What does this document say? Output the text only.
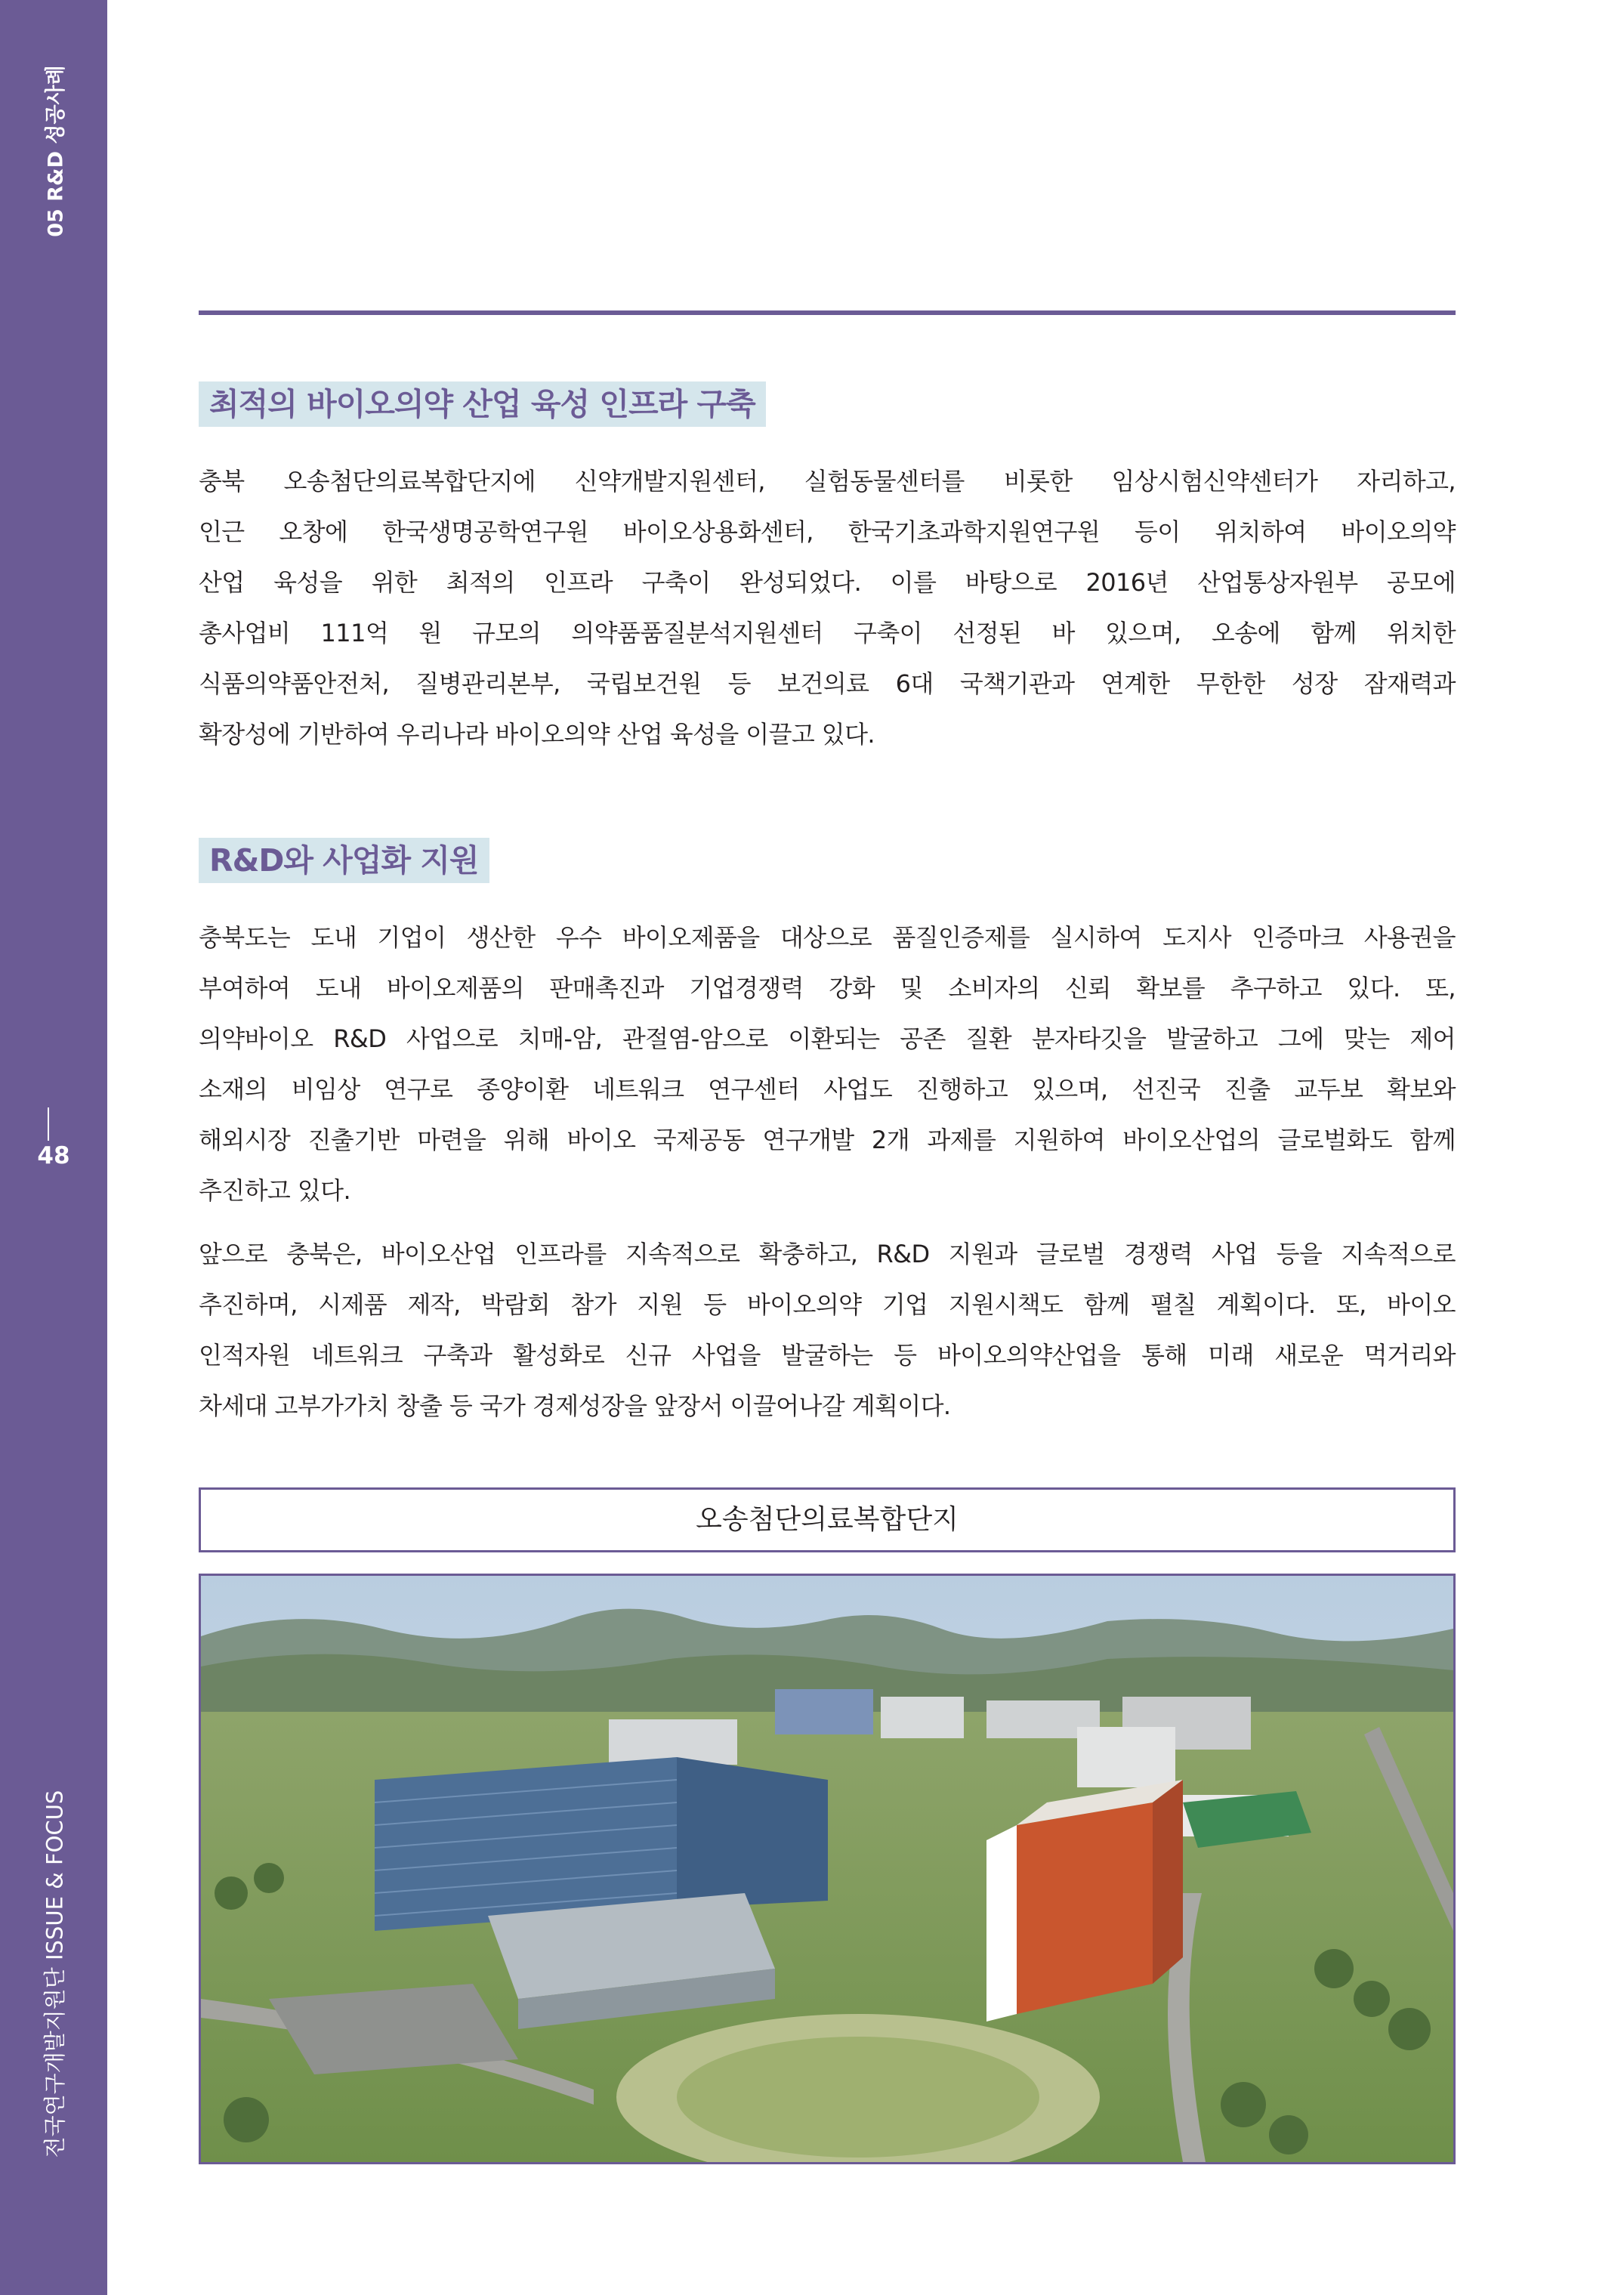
05 R&D 성공사례
48
전국연구개발지원단 ISSUE & FOCUS
최적의 바이오의약 산업 육성 인프라 구축
충북 오송첨단의료복합단지에 신약개발지원센터, 실험동물센터를 비롯한 임상시험신약센터가 자리하고,
인근 오창에 한국생명공학연구원 바이오상용화센터, 한국기초과학지원연구원 등이 위치하여 바이오의약
산업 육성을 위한 최적의 인프라 구축이 완성되었다. 이를 바탕으로 2016년 산업통상자원부 공모에
총사업비 111억 원 규모의 의약품품질분석지원센터 구축이 선정된 바 있으며, 오송에 함께 위치한
식품의약품안전처, 질병관리본부, 국립보건원 등 보건의료 6대 국책기관과 연계한 무한한 성장 잠재력과
확장성에 기반하여 우리나라 바이오의약 산업 육성을 이끌고 있다.
R&D와 사업화 지원
충북도는 도내 기업이 생산한 우수 바이오제품을 대상으로 품질인증제를 실시하여 도지사 인증마크 사용권을
부여하여 도내 바이오제품의 판매촉진과 기업경쟁력 강화 및 소비자의 신뢰 확보를 추구하고 있다. 또,
의약바이오 R&D 사업으로 치매-암, 관절염-암으로 이환되는 공존 질환 분자타깃을 발굴하고 그에 맞는 제어
소재의 비임상 연구로 종양이환 네트워크 연구센터 사업도 진행하고 있으며, 선진국 진출 교두보 확보와
해외시장 진출기반 마련을 위해 바이오 국제공동 연구개발 2개 과제를 지원하여 바이오산업의 글로벌화도 함께
추진하고 있다.
앞으로 충북은, 바이오산업 인프라를 지속적으로 확충하고, R&D 지원과 글로벌 경쟁력 사업 등을 지속적으로
추진하며, 시제품 제작, 박람회 참가 지원 등 바이오의약 기업 지원시책도 함께 펼칠 계획이다. 또, 바이오
인적자원 네트워크 구축과 활성화로 신규 사업을 발굴하는 등 바이오의약산업을 통해 미래 새로운 먹거리와
차세대 고부가가치 창출 등 국가 경제성장을 앞장서 이끌어나갈 계획이다.
오송첨단의료복합단지
